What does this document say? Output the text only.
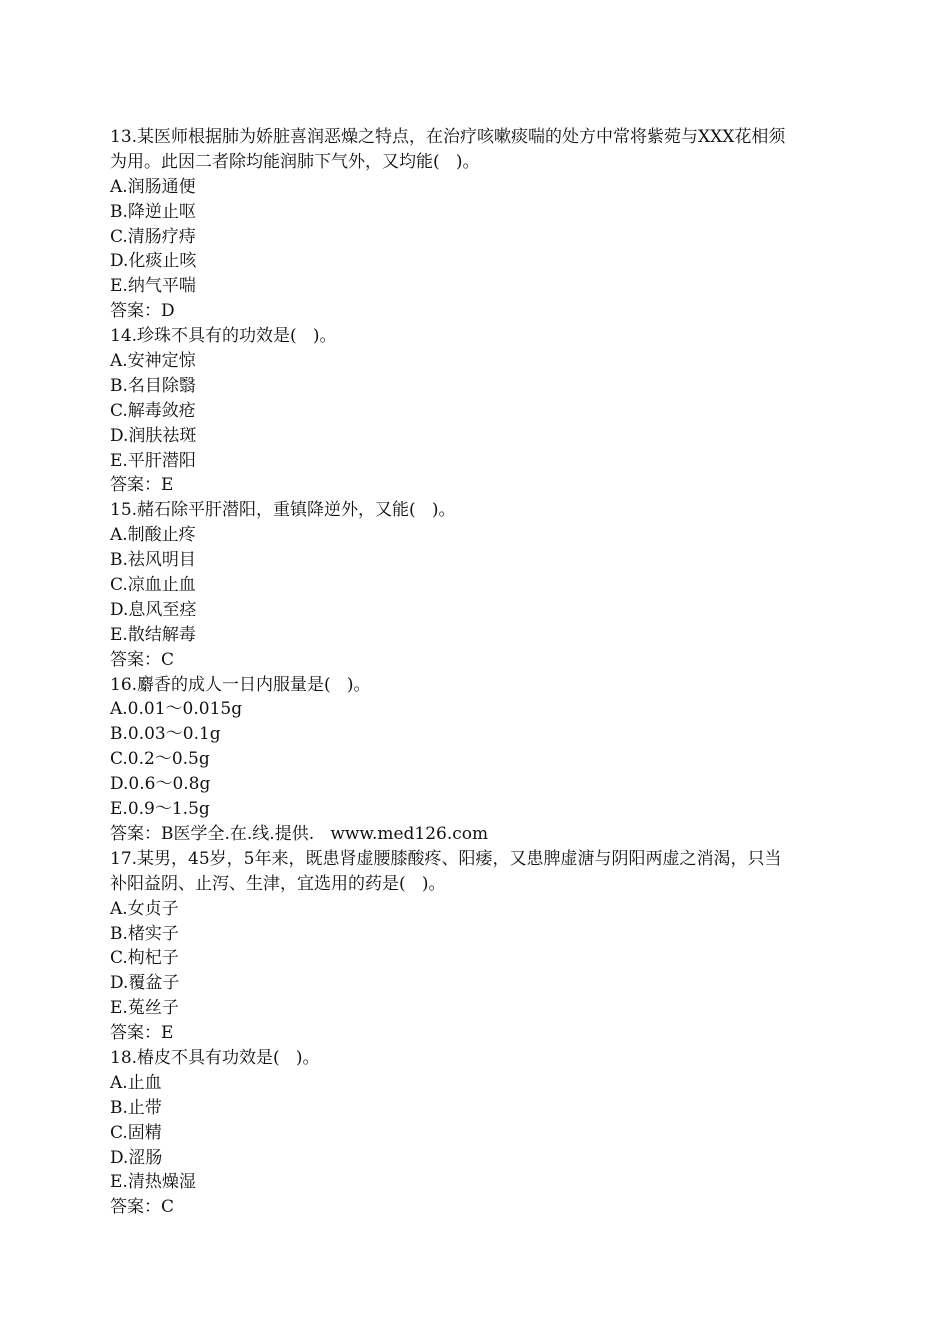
13.某医师根据肺为娇脏喜润恶燥之特点，在治疗咳嗽痰喘的处方中常将紫菀与XXX花相须
为用。此因二者除均能润肺下气外，又均能(   )。
A.润肠通便
B.降逆止呕
C.清肠疗痔
D.化痰止咳
E.纳气平喘
答案：D
14.珍珠不具有的功效是(   )。
A.安神定惊
B.名目除翳
C.解毒敛疮
D.润肤祛斑
E.平肝潜阳
答案：E
15.赭石除平肝潜阳，重镇降逆外，又能(   )。
A.制酸止疼
B.祛风明目
C.凉血止血
D.息风至痉
E.散结解毒
答案：C
16.麝香的成人一日内服量是(   )。
A.0.01～0.015g
B.0.03～0.1g
C.0.2～0.5g
D.0.6～0.8g
E.0.9～1.5g
答案：B医学全.在.线.提供.   www.med126.com
17.某男，45岁，5年来，既患肾虚腰膝酸疼、阳痿，又患脾虚溏与阴阳两虚之消渴，只当
补阳益阴、止泻、生津，宜选用的药是(   )。
A.女贞子
B.楮实子
C.枸杞子
D.覆盆子
E.菟丝子
答案：E
18.椿皮不具有功效是(   )。
A.止血
B.止带
C.固精
D.涩肠
E.清热燥湿
答案：C
